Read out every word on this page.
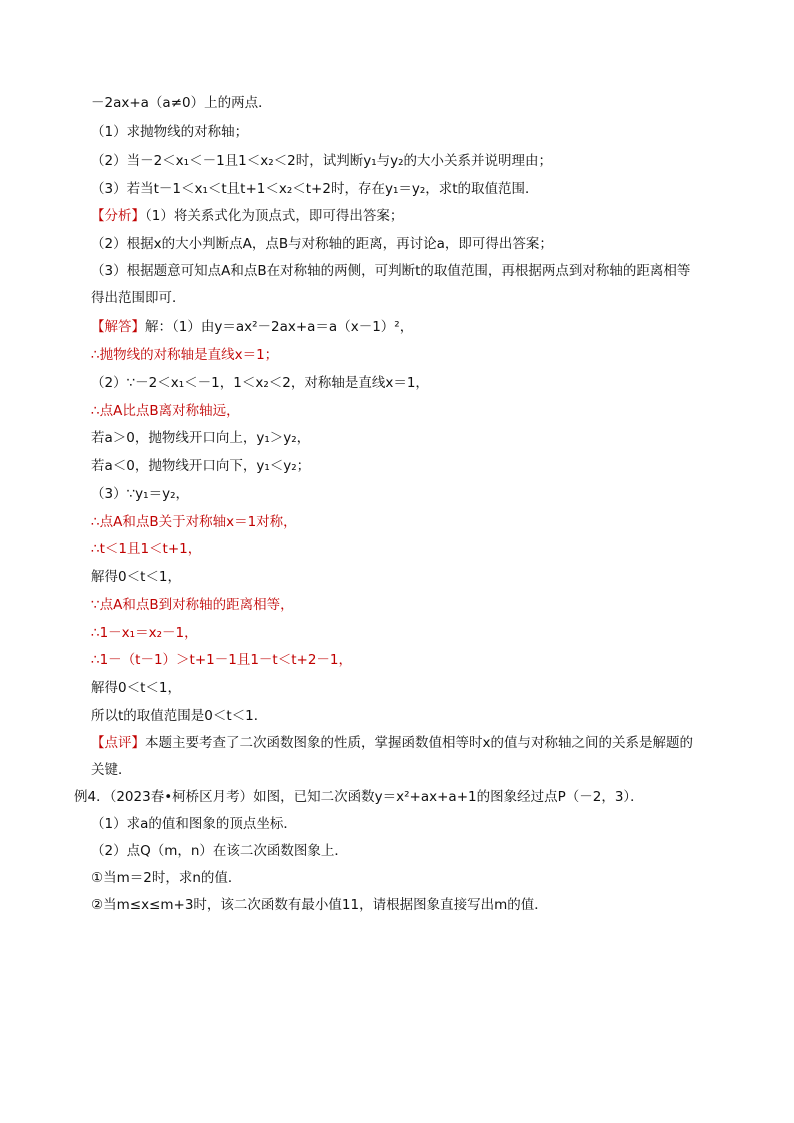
－2ax+a（a≠0）上的两点．
（1）求抛物线的对称轴；
（2）当－2＜x₁＜－1且1＜x₂＜2时，试判断y₁与y₂的大小关系并说明理由；
（3）若当t－1＜x₁＜t且t+1＜x₂＜t+2时，存在y₁＝y₂，求t的取值范围．
【分析】（1）将关系式化为顶点式，即可得出答案；
（2）根据x的大小判断点A，点B与对称轴的距离，再讨论a，即可得出答案；
（3）根据题意可知点A和点B在对称轴的两侧，可判断t的取值范围，再根据两点到对称轴的距离相等
得出范围即可．
【解答】解：（1）由y＝ax²－2ax+a＝a（x－1）²，
∴抛物线的对称轴是直线x＝1；
（2）∵－2＜x₁＜－1，1＜x₂＜2，对称轴是直线x＝1，
∴点A比点B离对称轴远，
若a＞0，抛物线开口向上，y₁＞y₂，
若a＜0，抛物线开口向下，y₁＜y₂；
（3）∵y₁＝y₂，
∴点A和点B关于对称轴x＝1对称，
∴t＜1且1＜t+1，
解得0＜t＜1，
∵点A和点B到对称轴的距离相等，
∴1－x₁＝x₂－1，
∴1－（t－1）＞t+1－1且1－t＜t+2－1，
解得0＜t＜1，
所以t的取值范围是0＜t＜1．
【点评】本题主要考查了二次函数图象的性质，掌握函数值相等时x的值与对称轴之间的关系是解题的
关键．
例4．（2023春•柯桥区月考）如图，已知二次函数y＝x²+ax+a+1的图象经过点P（－2，3）．
（1）求a的值和图象的顶点坐标．
（2）点Q（m，n）在该二次函数图象上．
①当m＝2时，求n的值．
②当m≤x≤m+3时，该二次函数有最小值11，请根据图象直接写出m的值．
